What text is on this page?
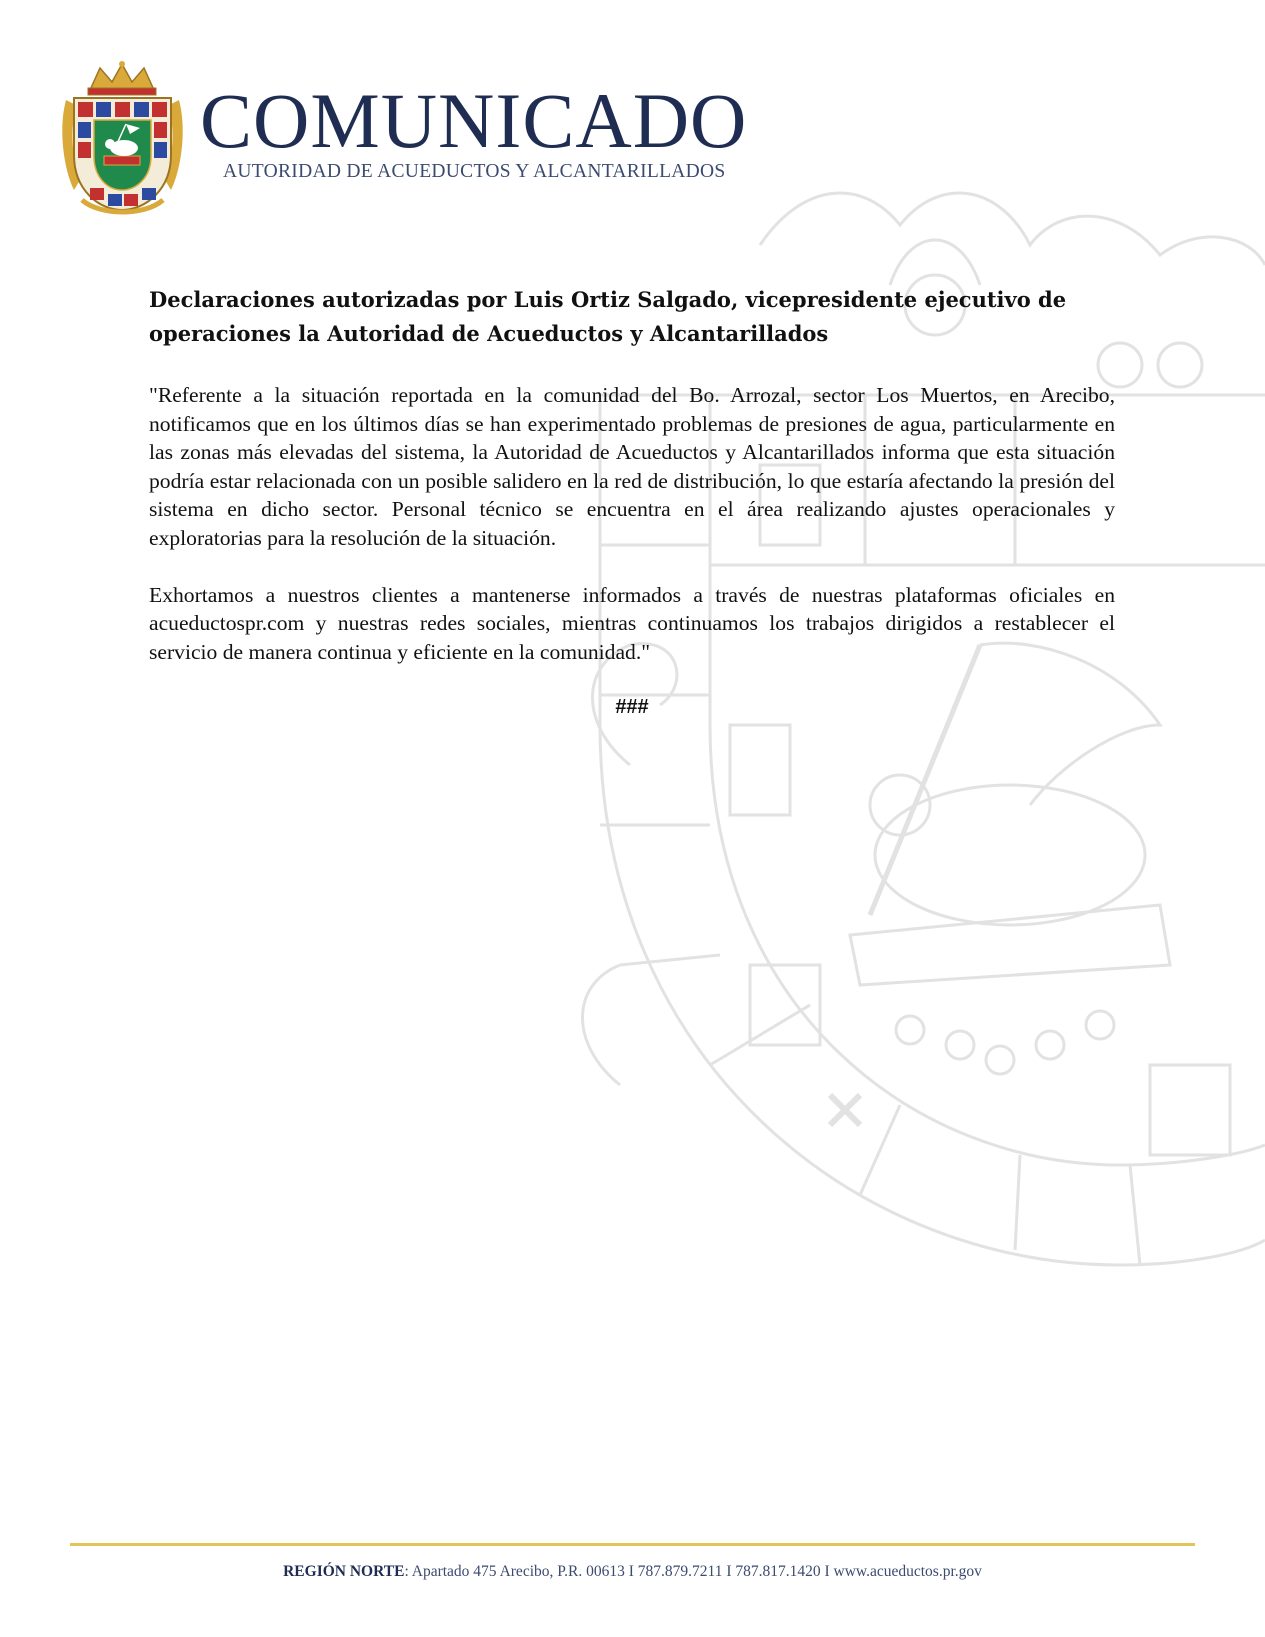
COMUNICADO
AUTORIDAD DE ACUEDUCTOS Y ALCANTARILLADOS
Declaraciones autorizadas por Luis Ortiz Salgado, vicepresidente ejecutivo de operaciones la Autoridad de Acueductos y Alcantarillados

"Referente a la situación reportada en la comunidad del Bo. Arrozal, sector Los Muertos, en Arecibo, notificamos que en los últimos días se han experimentado problemas de presiones de agua, particularmente en las zonas más elevadas del sistema, la Autoridad de Acueductos y Alcantarillados informa que esta situación podría estar relacionada con un posible salidero en la red de distribución, lo que estaría afectando la presión del sistema en dicho sector. Personal técnico se encuentra en el área realizando ajustes operacionales y exploratorias para la resolución de la situación.

Exhortamos a nuestros clientes a mantenerse informados a través de nuestras plataformas oficiales en acueductospr.com y nuestras redes sociales, mientras continuamos los trabajos dirigidos a restablecer el servicio de manera continua y eficiente en la comunidad."

###
REGIÓN NORTE: Apartado 475 Arecibo, P.R. 00613 I 787.879.7211 I 787.817.1420 I www.acueductos.pr.gov
